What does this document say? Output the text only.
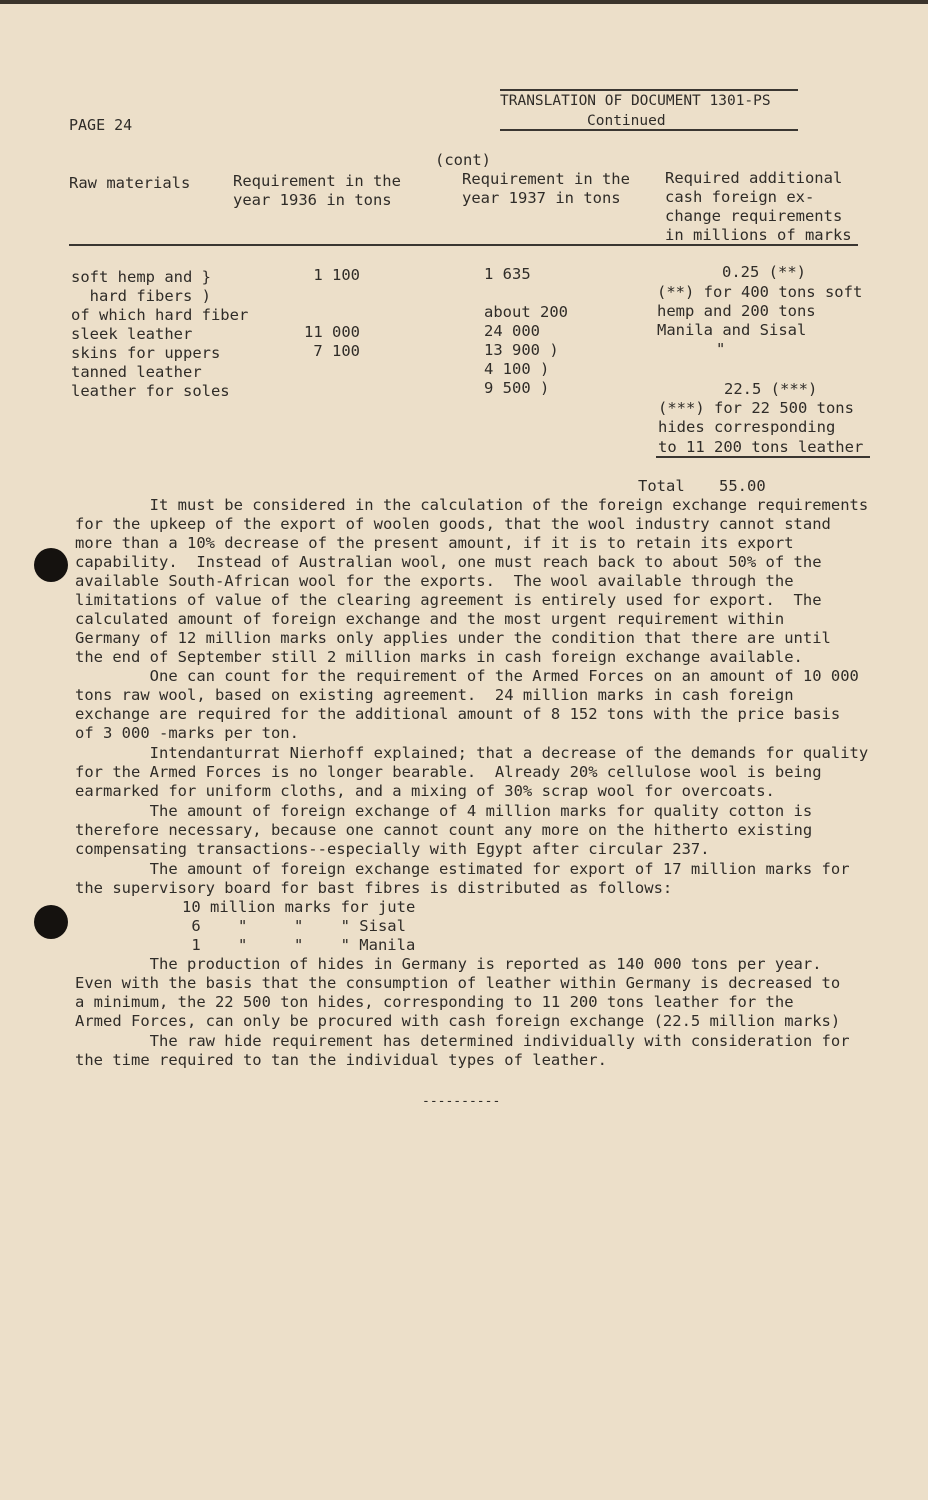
PAGE 24
TRANSLATION OF DOCUMENT 1301-PS
Continued
(cont)
Raw materials	Requirement in the
year 1936 in tons
Requirement in the
year 1937 in tons
Required additional
cash foreign ex-
change requirements
in millions of marks
soft hemp and }
hard fibers )
of which hard fiber
sleek leather
skins for uppers
tanned leather
leather for soles
1 100

11 000
7 100
1 635

about 200
24 000
13 900 )
4 100 )
9 500 )
0.25 (**)
(**) for 400 tons soft
hemp and 200 tons
Manila and Sisal
"
22.5 (***)
(***) for 22 500 tons
hides corresponding
to 11 200 tons leather
Total 55.00
It must be considered in the calculation of the foreign exchange requirements
for the upkeep of the export of woolen goods, that the wool industry cannot stand
more than a 10% decrease of the present amount, if it is to retain its export
capability.  Instead of Australian wool, one must reach back to about 50% of the
available South-African wool for the exports.  The wool available through the
limitations of value of the clearing agreement is entirely used for export.  The
calculated amount of foreign exchange and the most urgent requirement within
Germany of 12 million marks only applies under the condition that there are until
the end of September still 2 million marks in cash foreign exchange available.
One can count for the requirement of the Armed Forces on an amount of 10 000
tons raw wool, based on existing agreement.  24 million marks in cash foreign
exchange are required for the additional amount of 8 152 tons with the price basis
of 3 000 -marks per ton.
Intendanturrat Nierhoff explained; that a decrease of the demands for quality
for the Armed Forces is no longer bearable.  Already 20% cellulose wool is being
earmarked for uniform cloths, and a mixing of 30% scrap wool for overcoats.
The amount of foreign exchange of 4 million marks for quality cotton is
therefore necessary, because one cannot count any more on the hitherto existing
compensating transactions--especially with Egypt after circular 237.
The amount of foreign exchange estimated for export of 17 million marks for
the supervisory board for bast fibres is distributed as follows:
10 million marks for jute
6    "     "    " Sisal
1    "     "    " Manila
The production of hides in Germany is reported as 140 000 tons per year.
Even with the basis that the consumption of leather within Germany is decreased to
a minimum, the 22 500 ton hides, corresponding to 11 200 tons leather for the
Armed Forces, can only be procured with cash foreign exchange (22.5 million marks)
The raw hide requirement has determined individually with consideration for
the time required to tan the individual types of leather.
----------
